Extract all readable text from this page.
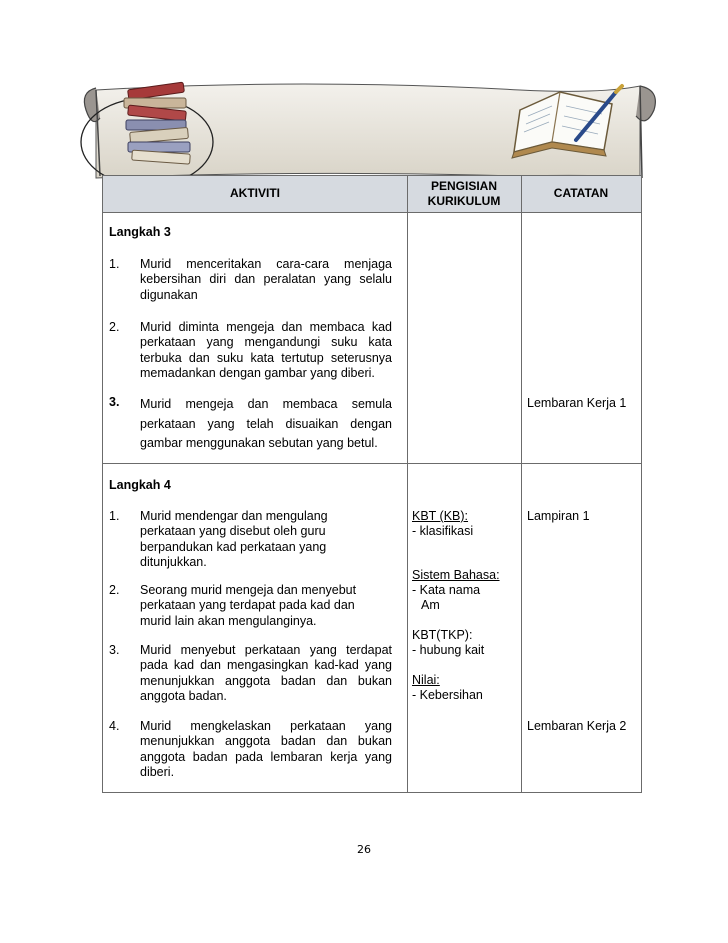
AKTIVITI	PENGISIAN
KURIKULUM
CATATAN
Langkah 3
1. Murid menceritakan cara-cara menjaga kebersihan diri dan peralatan yang selalu digunakan
2. Murid diminta mengeja dan membaca kad perkataan yang mengandungi suku kata terbuka dan suku kata tertutup seterusnya memadankan dengan gambar yang diberi.
3. Murid mengeja dan membaca semula perkataan yang telah disuaikan dengan gambar menggunakan sebutan yang betul.
Lembaran Kerja 1
Langkah 4
1. Murid mendengar dan mengulang perkataan yang disebut oleh guru berpandukan kad perkataan yang ditunjukkan.
2. Seorang murid mengeja dan menyebut perkataan yang terdapat pada kad dan murid lain akan mengulanginya.
3. Murid menyebut perkataan yang terdapat pada kad dan mengasingkan kad-kad yang menunjukkan anggota badan dan bukan anggota badan.
4. Murid mengkelaskan perkataan yang menunjukkan anggota badan dan bukan anggota badan pada lembaran kerja yang diberi.
KBT (KB):
- klasifikasi
Sistem Bahasa:
- Kata nama
Am
KBT(TKP):
- hubung kait
Nilai:
- Kebersihan
Lampiran 1
Lembaran Kerja 2
26
